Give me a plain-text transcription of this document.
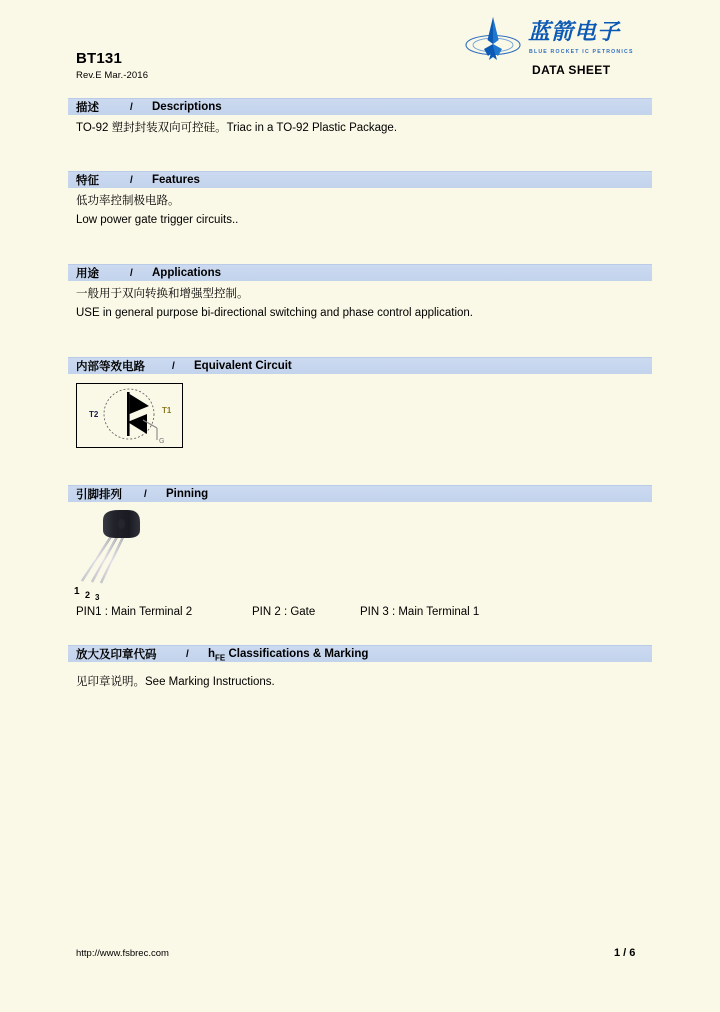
BT131
Rev.E Mar.-2016
蓝箭电子
BLUE ROCKET IC PETRONICS
DATA SHEET
描述	/ Descriptions
TO-92 塑封封装双向可控硅。Triac in a TO-92 Plastic Package.
特征	/ Features
低功率控制极电路。
Low power gate trigger circuits..
用途	/ Applications
一般用于双向转换和增强型控制。
USE in general purpose bi-directional switching and phase control application.
内部等效电路	/ Equivalent Circuit
T2	T1
G
引脚排列 / Pinning
1 2 3
PIN1 : Main Terminal 2	PIN 2 : Gate	PIN 3 : Main Terminal 1
放大及印章代码	/ $h_{FE}$ Classifications & Marking
见印章说明。See Marking Instructions.
http://www.fsbrec.com	1 / 6
